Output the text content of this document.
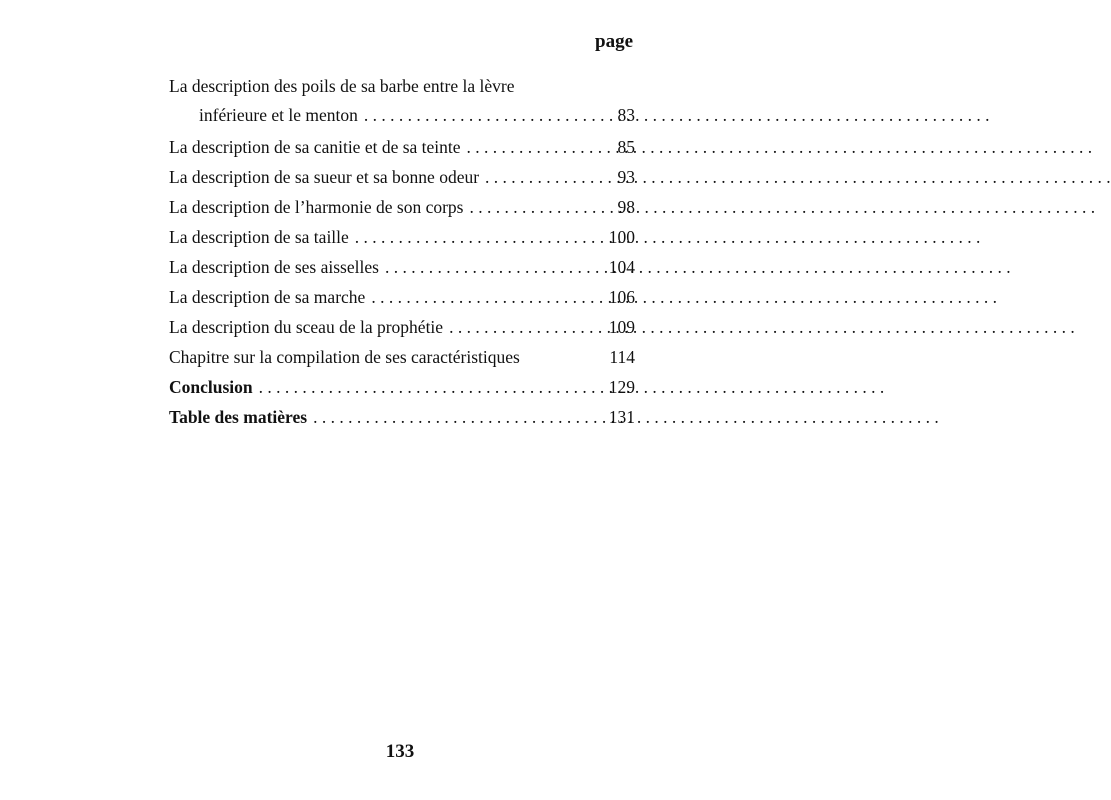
page
La description des poils de sa barbe entre la lèvre
inférieure et le menton . . .	83
La description de sa canitie et de sa teinte . . .	85
La description de sa sueur et sa bonne odeur . . .	93
La description de l’harmonie de son corps . . .	98
La description de sa taille . . .	100
La description de ses aisselles . . .	104
La description de sa marche . . .	106
La description du sceau de la prophétie . . .	109
Chapitre sur la compilation de ses caractéristiques	114
Conclusion . . .	129
Table des matières . . .	131
133
